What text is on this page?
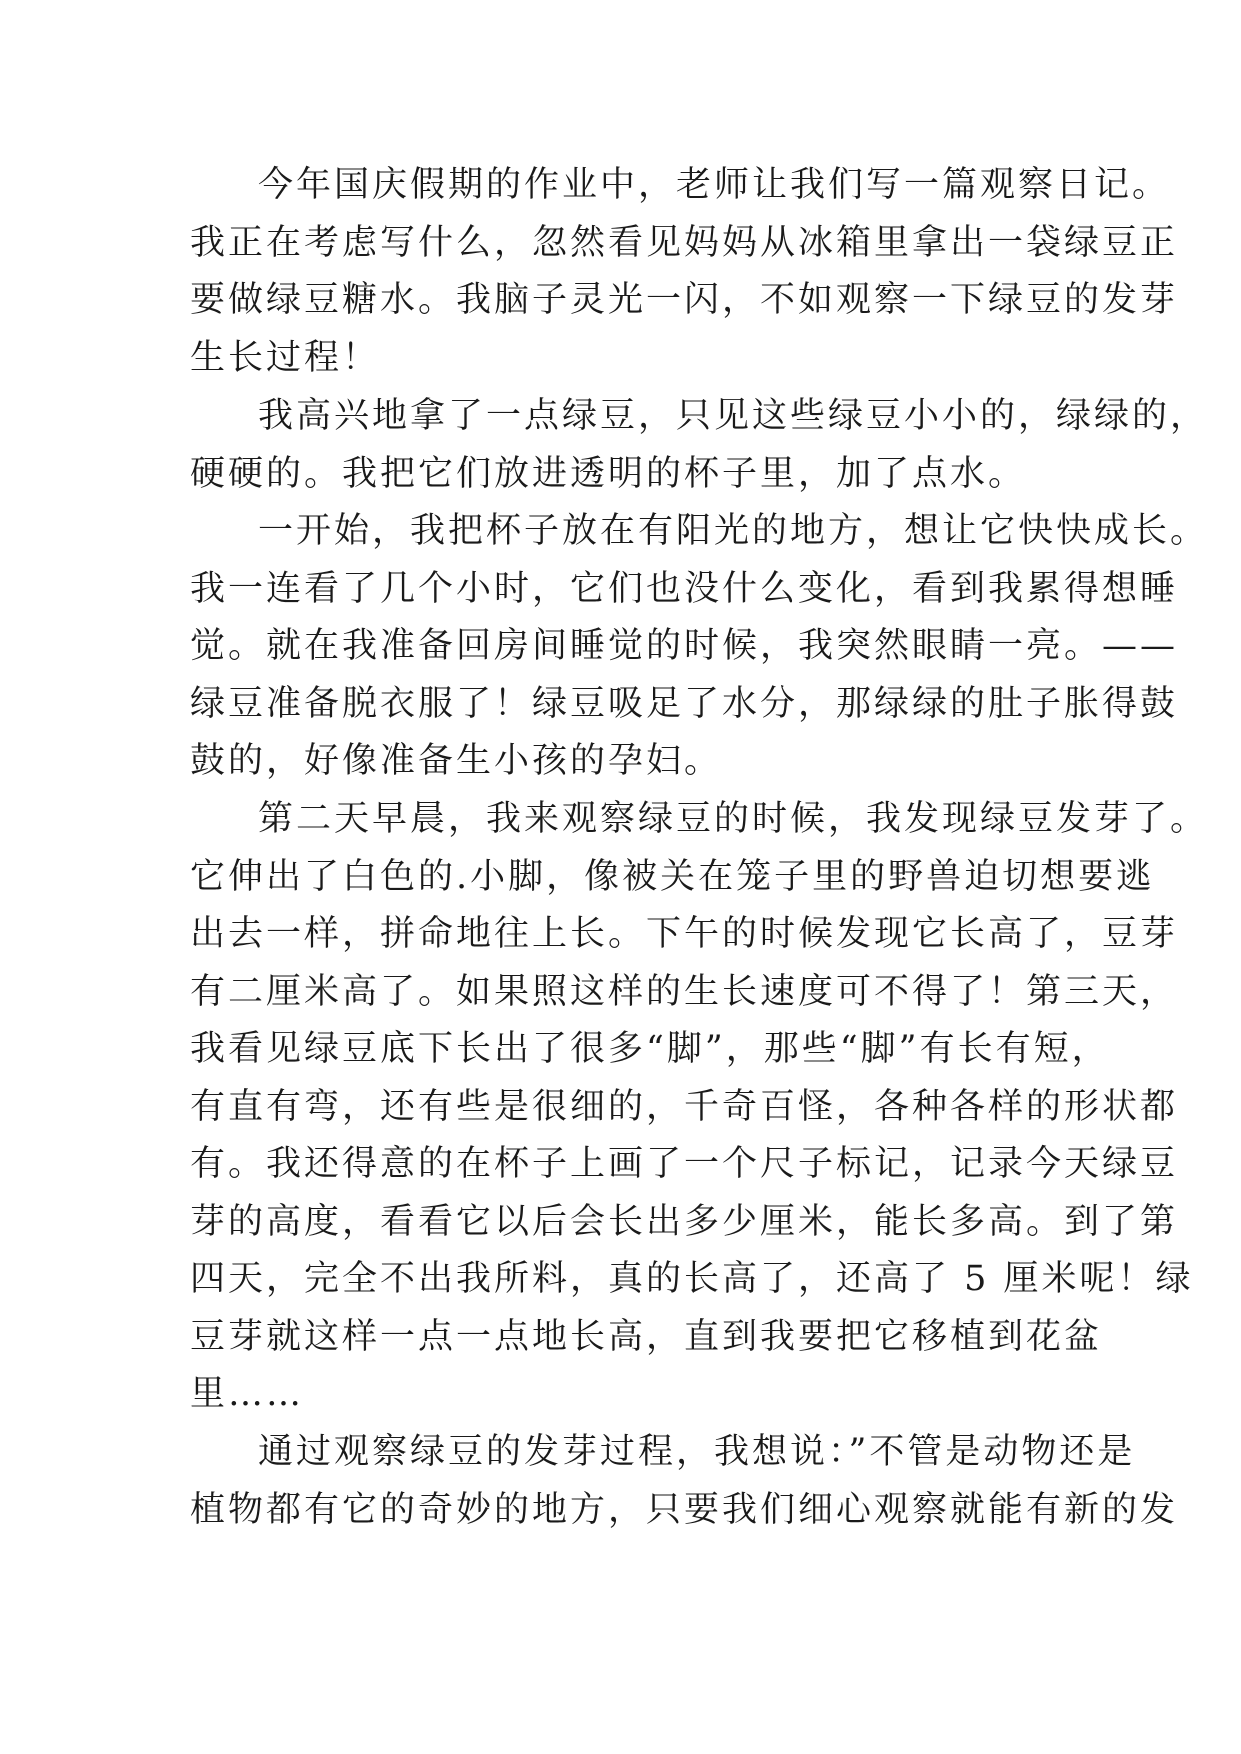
今年国庆假期的作业中，老师让我们写一篇观察日记。
我正在考虑写什么，忽然看见妈妈从冰箱里拿出一袋绿豆正
要做绿豆糖水。我脑子灵光一闪，不如观察一下绿豆的发芽
生长过程！
我高兴地拿了一点绿豆，只见这些绿豆小小的，绿绿的，
硬硬的。我把它们放进透明的杯子里，加了点水。
一开始，我把杯子放在有阳光的地方，想让它快快成长。
我一连看了几个小时，它们也没什么变化，看到我累得想睡
觉。就在我准备回房间睡觉的时候，我突然眼睛一亮。——
绿豆准备脱衣服了！绿豆吸足了水分，那绿绿的肚子胀得鼓
鼓的，好像准备生小孩的孕妇。
第二天早晨，我来观察绿豆的时候，我发现绿豆发芽了。
它伸出了白色的.小脚，像被关在笼子里的野兽迫切想要逃
出去一样，拼命地往上长。下午的时候发现它长高了，豆芽
有二厘米高了。如果照这样的生长速度可不得了！第三天，
我看见绿豆底下长出了很多“脚”，那些“脚”有长有短，
有直有弯，还有些是很细的，千奇百怪，各种各样的形状都
有。我还得意的在杯子上画了一个尺子标记，记录今天绿豆
芽的高度，看看它以后会长出多少厘米，能长多高。到了第
四天，完全不出我所料，真的长高了，还高了 5 厘米呢！绿
豆芽就这样一点一点地长高，直到我要把它移植到花盆
里……
通过观察绿豆的发芽过程，我想说：”不管是动物还是
植物都有它的奇妙的地方，只要我们细心观察就能有新的发
